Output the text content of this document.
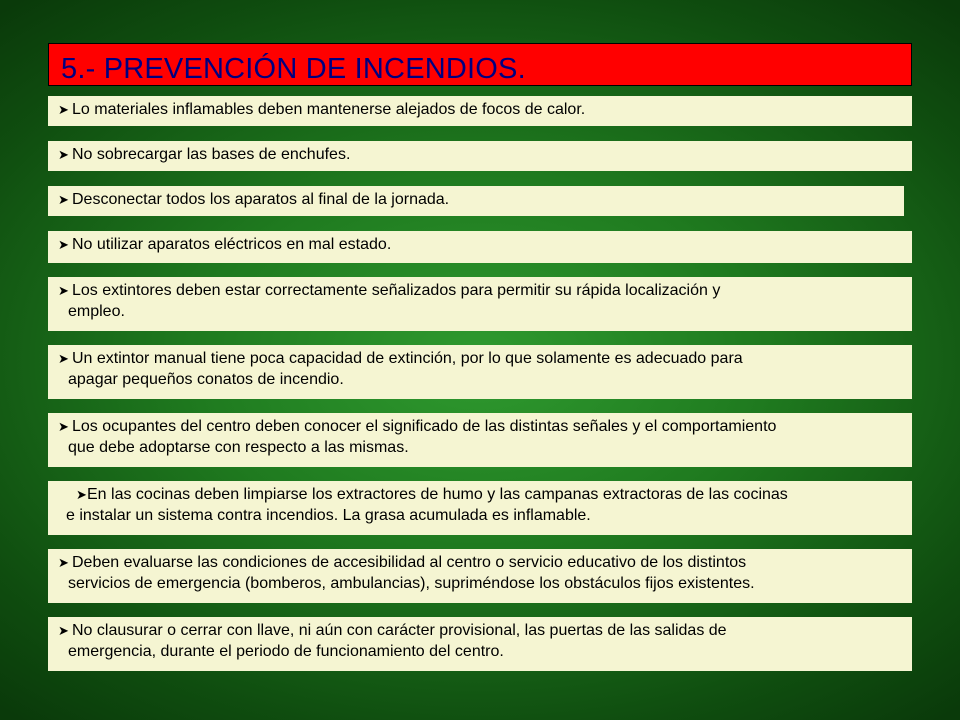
5.- PREVENCIÓN DE INCENDIOS.
➤ Lo materiales inflamables deben mantenerse alejados de focos de calor.
➤ No sobrecargar las bases de enchufes.
➤ Desconectar todos los aparatos al final de la jornada.
➤ No utilizar aparatos eléctricos en mal estado.
➤ Los extintores deben estar correctamente señalizados para permitir su rápida localización y
empleo.
➤ Un extintor manual tiene poca capacidad de extinción, por lo que solamente es adecuado para
apagar pequeños conatos de incendio.
➤ Los ocupantes del centro deben conocer el significado de las distintas señales y el comportamiento
que debe adoptarse con respecto a las mismas.
➤ En las cocinas deben limpiarse los extractores de humo y las campanas extractoras de las cocinas
e instalar un sistema contra incendios. La grasa acumulada es inflamable.
➤ Deben evaluarse las condiciones de accesibilidad al centro o servicio educativo de los distintos
servicios de emergencia (bomberos, ambulancias), supriméndose los obstáculos fijos existentes.
➤ No clausurar o cerrar con llave, ni aún con carácter provisional, las puertas de las salidas de
emergencia, durante el periodo de funcionamiento del centro.
